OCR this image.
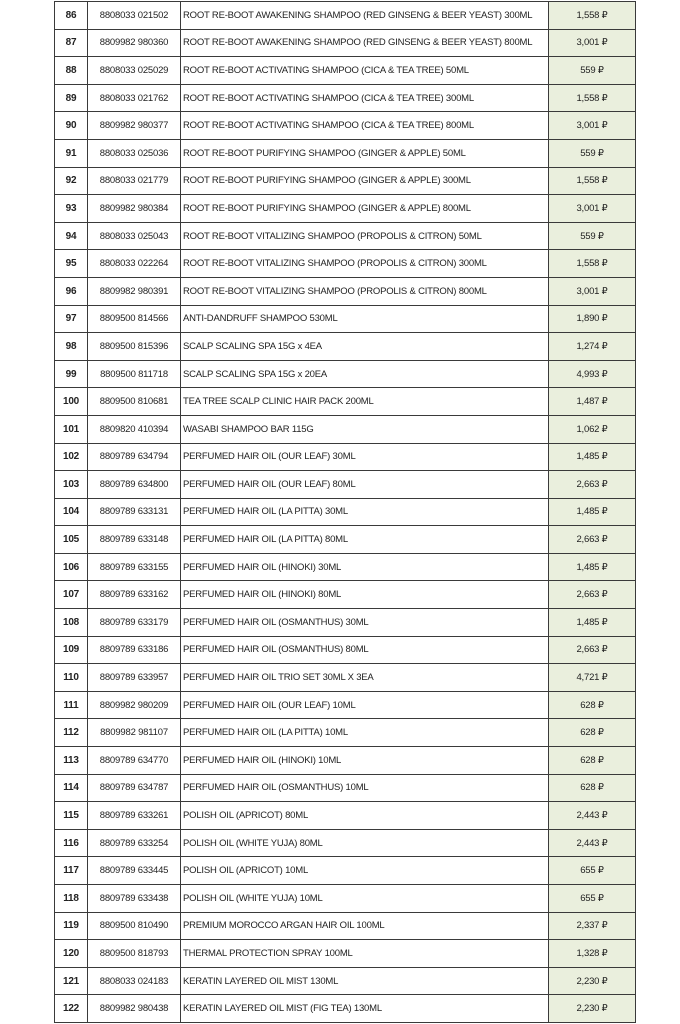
86	8808033 021502	ROOT RE-BOOT AWAKENING SHAMPOO (RED GINSENG & BEER YEAST) 300ML	1,558 ₽
87	8809982 980360	ROOT RE-BOOT AWAKENING SHAMPOO (RED GINSENG & BEER YEAST) 800ML	3,001 ₽
88	8808033 025029	ROOT RE-BOOT ACTIVATING SHAMPOO (CICA & TEA TREE) 50ML	559 ₽
89	8808033 021762	ROOT RE-BOOT ACTIVATING SHAMPOO (CICA & TEA TREE) 300ML	1,558 ₽
90	8809982 980377	ROOT RE-BOOT ACTIVATING SHAMPOO (CICA & TEA TREE) 800ML	3,001 ₽
91	8808033 025036	ROOT RE-BOOT PURIFYING SHAMPOO (GINGER & APPLE) 50ML	559 ₽
92	8808033 021779	ROOT RE-BOOT PURIFYING SHAMPOO (GINGER & APPLE) 300ML	1,558 ₽
93	8809982 980384	ROOT RE-BOOT PURIFYING SHAMPOO (GINGER & APPLE) 800ML	3,001 ₽
94	8808033 025043	ROOT RE-BOOT VITALIZING SHAMPOO (PROPOLIS & CITRON) 50ML	559 ₽
95	8808033 022264	ROOT RE-BOOT VITALIZING SHAMPOO (PROPOLIS & CITRON) 300ML	1,558 ₽
96	8809982 980391	ROOT RE-BOOT VITALIZING SHAMPOO (PROPOLIS & CITRON) 800ML	3,001 ₽
97	8809500 814566	ANTI-DANDRUFF SHAMPOO 530ML	1,890 ₽
98	8809500 815396	SCALP SCALING SPA 15G x 4EA	1,274 ₽
99	8809500 811718	SCALP SCALING SPA 15G x 20EA	4,993 ₽
100	8809500 810681	TEA TREE SCALP CLINIC HAIR PACK 200ML	1,487 ₽
101	8809820 410394	WASABI SHAMPOO BAR 115G	1,062 ₽
102	8809789 634794	PERFUMED HAIR OIL (OUR LEAF) 30ML	1,485 ₽
103	8809789 634800	PERFUMED HAIR OIL (OUR LEAF) 80ML	2,663 ₽
104	8809789 633131	PERFUMED HAIR OIL (LA PITTA) 30ML	1,485 ₽
105	8809789 633148	PERFUMED HAIR OIL (LA PITTA) 80ML	2,663 ₽
106	8809789 633155	PERFUMED HAIR OIL (HINOKI) 30ML	1,485 ₽
107	8809789 633162	PERFUMED HAIR OIL (HINOKI) 80ML	2,663 ₽
108	8809789 633179	PERFUMED HAIR OIL (OSMANTHUS) 30ML	1,485 ₽
109	8809789 633186	PERFUMED HAIR OIL (OSMANTHUS) 80ML	2,663 ₽
110	8809789 633957	PERFUMED HAIR OIL TRIO SET 30ML X 3EA	4,721 ₽
111	8809982 980209	PERFUMED HAIR OIL (OUR LEAF) 10ML	628 ₽
112	8809982 981107	PERFUMED HAIR OIL (LA PITTA) 10ML	628 ₽
113	8809789 634770	PERFUMED HAIR OIL (HINOKI) 10ML	628 ₽
114	8809789 634787	PERFUMED HAIR OIL (OSMANTHUS) 10ML	628 ₽
115	8809789 633261	POLISH OIL (APRICOT) 80ML	2,443 ₽
116	8809789 633254	POLISH OIL (WHITE YUJA) 80ML	2,443 ₽
117	8809789 633445	POLISH OIL (APRICOT) 10ML	655 ₽
118	8809789 633438	POLISH OIL (WHITE YUJA) 10ML	655 ₽
119	8809500 810490	PREMIUM MOROCCO ARGAN HAIR OIL 100ML	2,337 ₽
120	8809500 818793	THERMAL PROTECTION SPRAY 100ML	1,328 ₽
121	8808033 024183	KERATIN LAYERED OIL MIST 130ML	2,230 ₽
122	8809982 980438	KERATIN LAYERED OIL MIST (FIG TEA) 130ML	2,230 ₽
